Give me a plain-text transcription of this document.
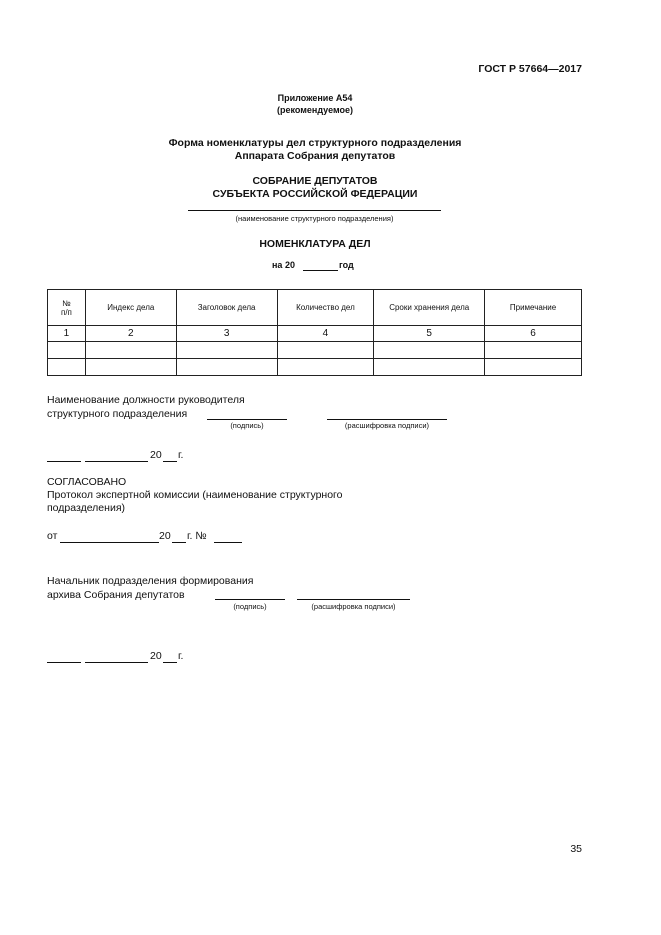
ГОСТ Р 57664—2017
Приложение А54
(рекомендуемое)
Форма номенклатуры дел структурного подразделения
Аппарата Собрания депутатов
СОБРАНИЕ ДЕПУТАТОВ
СУБЪЕКТА РОССИЙСКОЙ ФЕДЕРАЦИИ
(наименование структурного подразделения)
НОМЕНКЛАТУРА ДЕЛ
на 20	год
№
п/п	Индекс дела	Заголовок дела	Количество дел	Сроки хранения дела	Примечание
1	2	3	4	5	6

Наименование должности руководителя
структурного подразделения
(подпись)	(расшифровка подписи)
20 г.
СОГЛАСОВАНО
Протокол экспертной комиссии (наименование структурного
подразделения)
от	20 г. №
Начальник подразделения формирования
архива Собрания депутатов
(подпись)	(расшифровка подписи)
20 г.
35
